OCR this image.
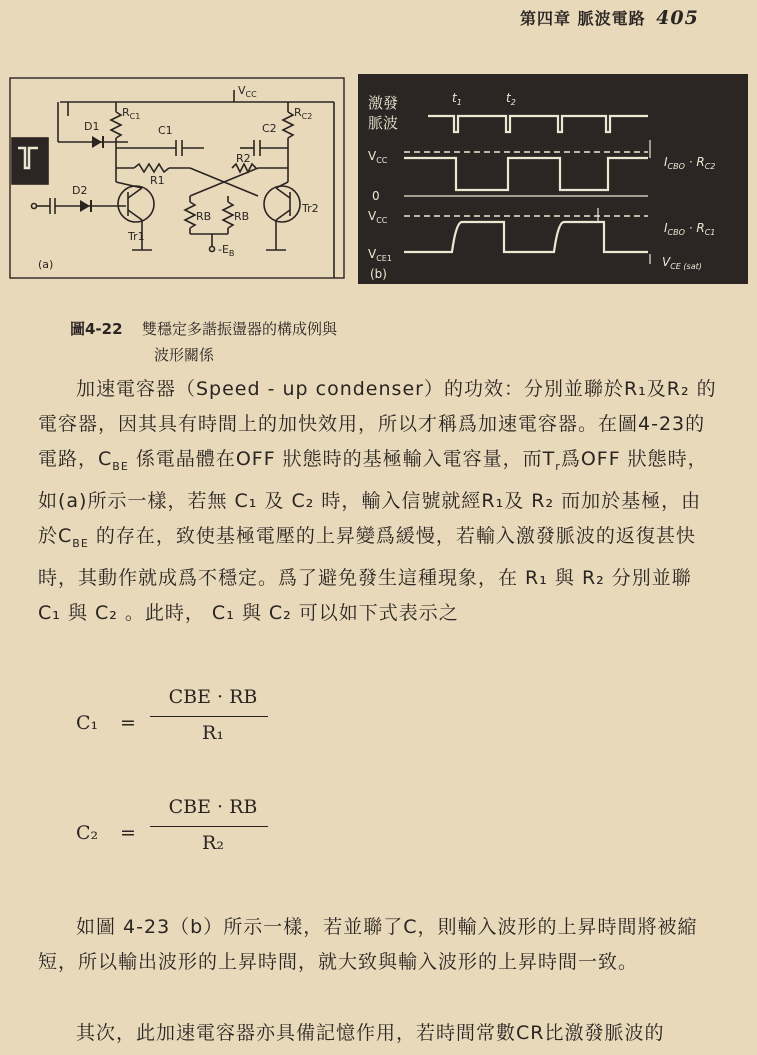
第四章 脈波電路 405
$V_{CC}$
D1
$R_{C1}$
C1
R1
D2
Tr1
RB RB
R2
C2
$R_{C2}$
Tr2
$-E_B$
(a)
激發
脈波
$t_1$	$t_2$
$V_{CC}$
0
$V_{CC}$
$V_{CE1}$
$I_{CBO} \cdot R_{C2}$
$I_{CBO} \cdot R_{C1}$
$V_{CE (sat)}$
(b)
圖4-22 雙穩定多諧振盪器的構成例與
波形關係

加速電容器（Speed - up condenser）的功效：分別並聯於R₁及R₂ 的電容器，因其具有時間上的加快效用，所以才稱爲加速電容器。在圖4-23的電路，$C_{BE}$ 係電晶體在OFF 狀態時的基極輸入電容量，而$T_r$爲OFF 狀態時，如(a)所示一樣，若無 C₁ 及 C₂ 時，輸入信號就經R₁及 R₂ 而加於基極，由於$C_{BE}$ 的存在，致使基極電壓的上昇變爲緩慢，若輸入激發脈波的返復甚快時，其動作就成爲不穩定。爲了避免發生這種現象，在 R₁ 與 R₂ 分別並聯 C₁ 與 C₂ 。此時， C₁ 與 C₂ 可以如下式表示之

C₁ =
CBE · RB
R₁
C₂ =
CBE · RB
R₂

如圖 4-23（b）所示一樣，若並聯了C，則輸入波形的上昇時間將被縮短，所以輸出波形的上昇時間，就大致與輸入波形的上昇時間一致。

其次，此加速電容器亦具備記憶作用，若時間常數CR比激發脈波的
